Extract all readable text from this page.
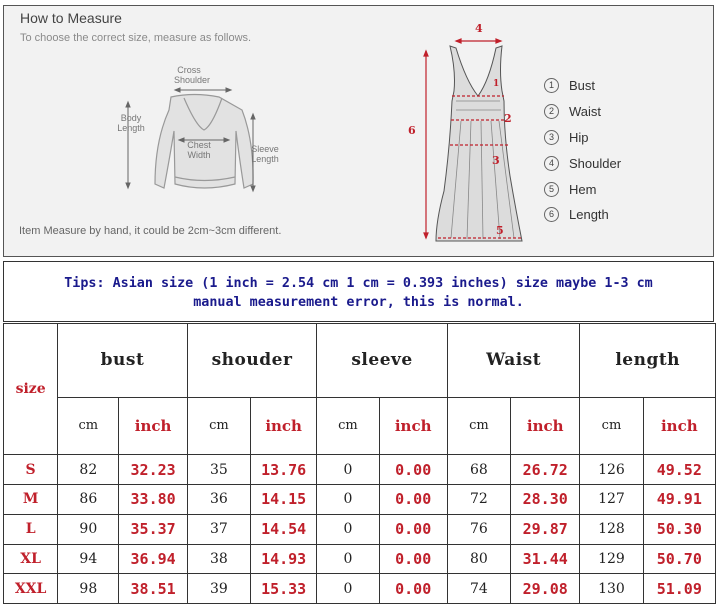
How to Measure
To choose the correct size, measure as follows.
Cross
Shoulder
Body
Length
Chest
Width
Sleeve
Length
4
6
2
3
5
1	1	Bust
2	Waist
3	Hip
4	Shoulder
5	Hem
6	Length
Item Measure by hand, it could be 2cm~3cm different.
Tips: Asian size (1 inch = 2.54 cm 1 cm = 0.393 inches) size maybe 1-3 cm
manual measurement error, this is normal.
size	bust		shouder		sleeve		Waist		length	
	cm	inch	cm	inch	cm	inch	cm	inch	cm	inch
S	82	32.23	35	13.76	0	0.00	68	26.72	126	49.52
M	86	33.80	36	14.15	0	0.00	72	28.30	127	49.91
L	90	35.37	37	14.54	0	0.00	76	29.87	128	50.30
XL	94	36.94	38	14.93	0	0.00	80	31.44	129	50.70
XXL	98	38.51	39	15.33	0	0.00	74	29.08	130	51.09
